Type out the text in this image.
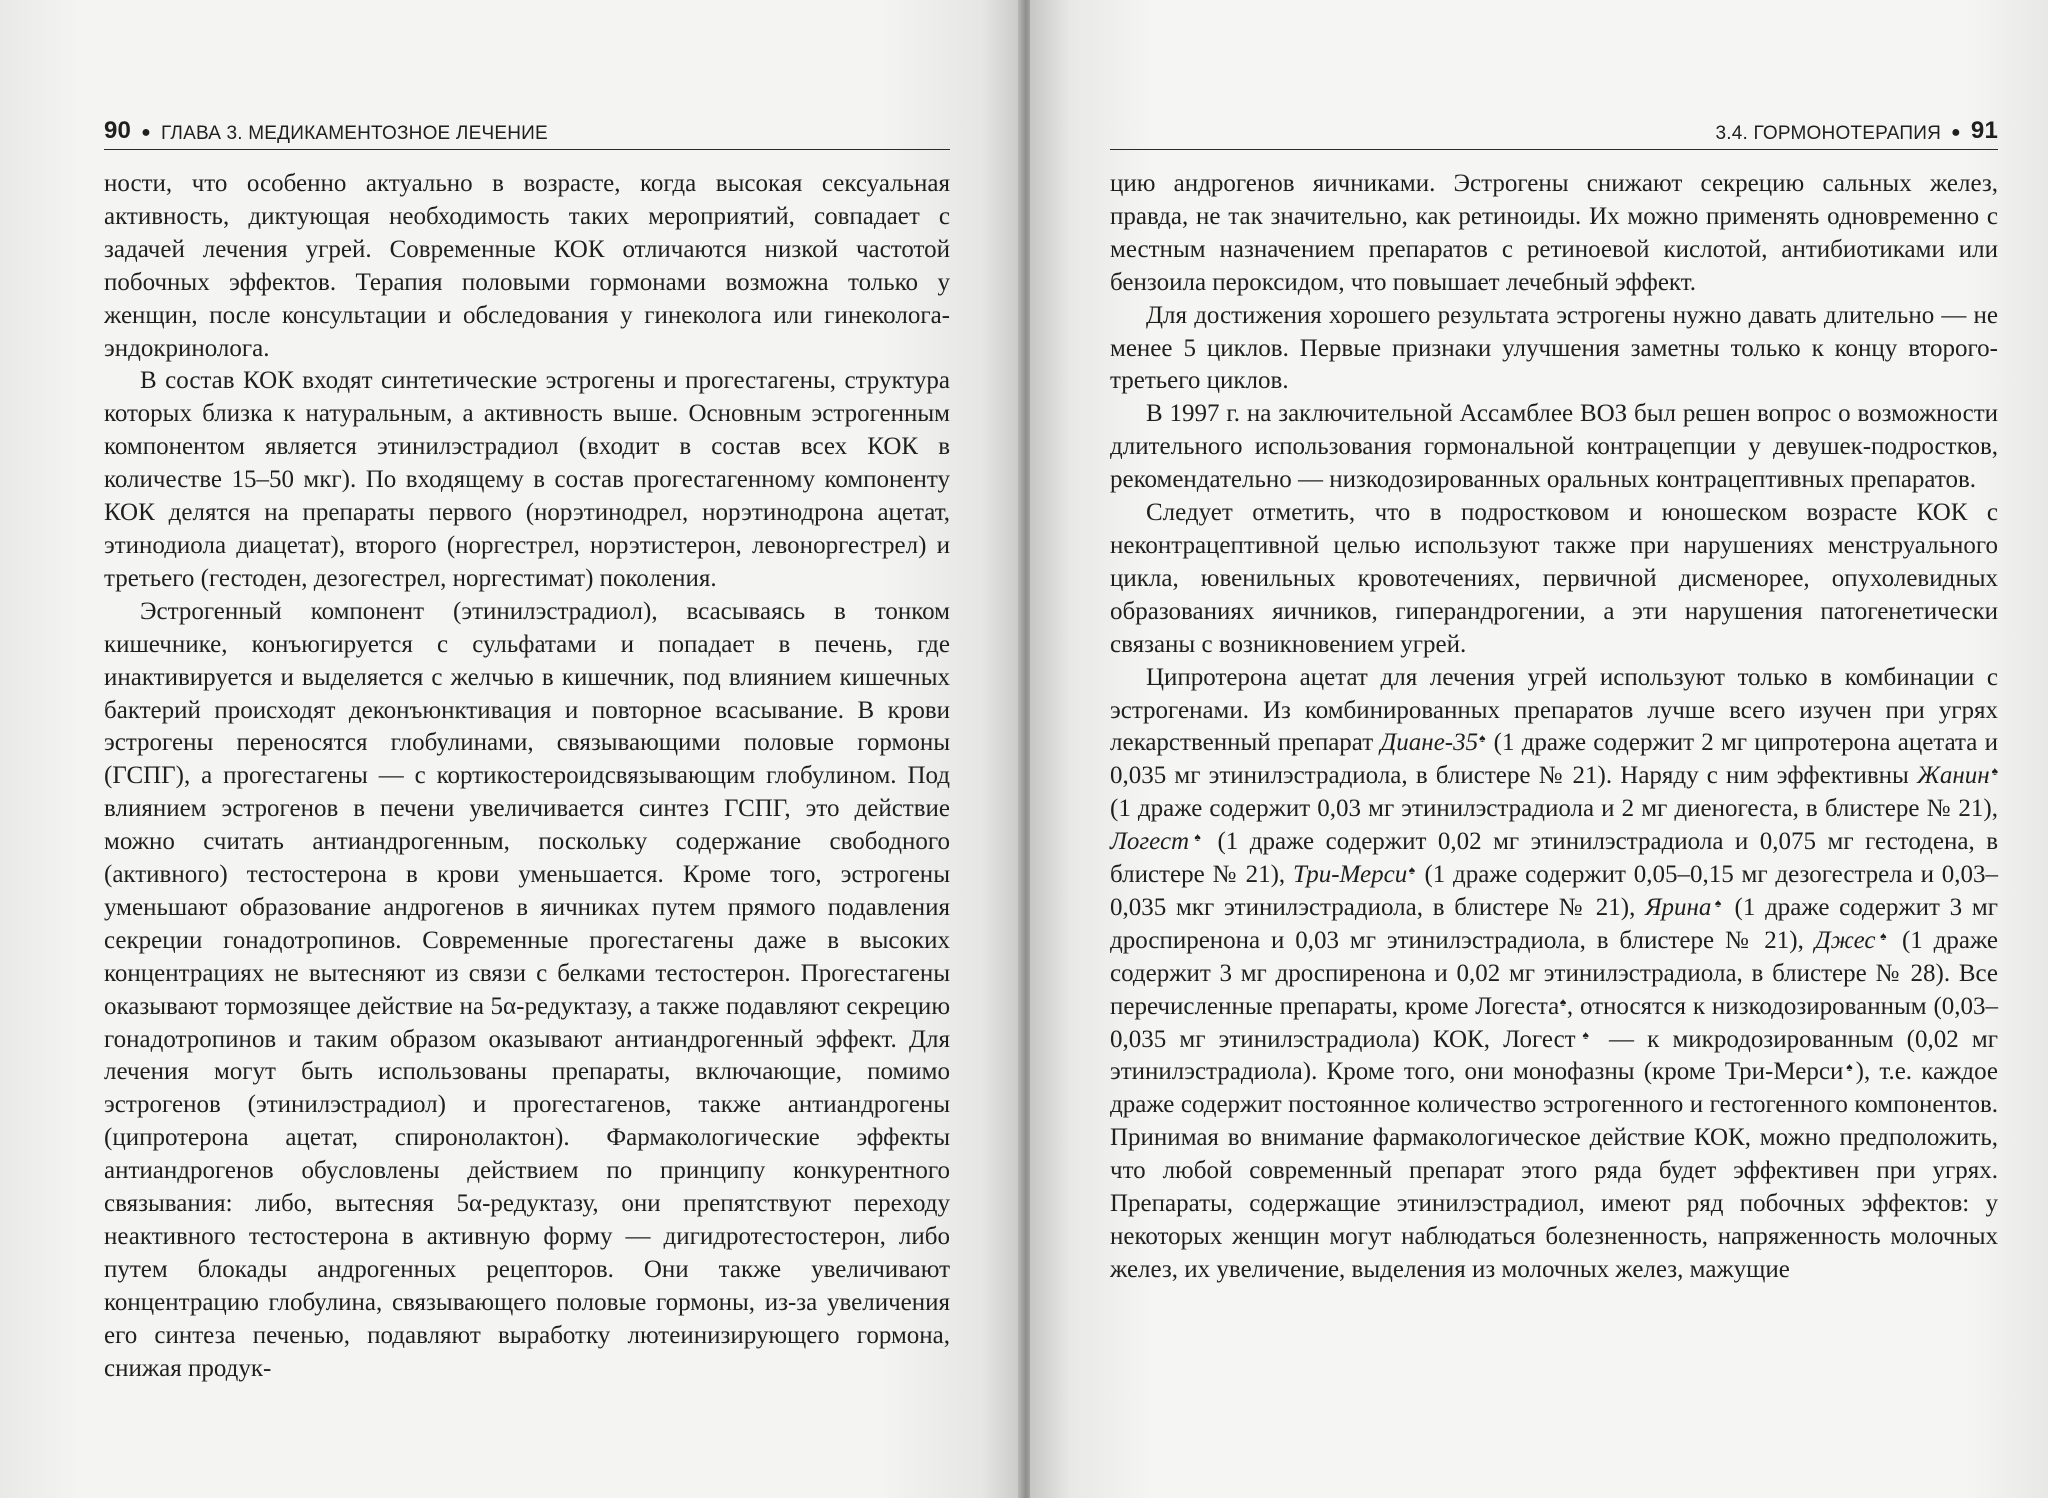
90 ● ГЛАВА 3. МЕДИКАМЕНТОЗНОЕ ЛЕЧЕНИЕ

ности, что особенно актуально в возрасте, когда высокая сексуальная активность, диктующая необходимость таких мероприятий, совпадает с задачей лечения угрей. Современные КОК отличаются низкой частотой побочных эффектов. Терапия половыми гормонами возможна только у женщин, после консультации и обследования у гинеколога или гинеколога-эндокринолога.

В состав КОК входят синтетические эстрогены и прогестагены, структура которых близка к натуральным, а активность выше. Основным эстрогенным компонентом является этинилэстрадиол (входит в состав всех КОК в количестве 15–50 мкг). По входящему в состав прогестагенному компоненту КОК делятся на препараты первого (норэтинодрел, норэтинодрона ацетат, этинодиола диацетат), второго (норгестрел, норэтистерон, левоноргестрел) и третьего (гестоден, дезогестрел, норгестимат) поколения.

Эстрогенный компонент (этинилэстрадиол), всасываясь в тонком кишечнике, конъюгируется с сульфатами и попадает в печень, где инактивируется и выделяется с желчью в кишечник, под влиянием кишечных бактерий происходят деконъюнктивация и повторное всасывание. В крови эстрогены переносятся глобулинами, связывающими половые гормоны (ГСПГ), а прогестагены — с кортикостероидсвязывающим глобулином. Под влиянием эстрогенов в печени увеличивается синтез ГСПГ, это действие можно считать антиандрогенным, поскольку содержание свободного (активного) тестостерона в крови уменьшается. Кроме того, эстрогены уменьшают образование андрогенов в яичниках путем прямого подавления секреции гонадотропинов. Современные прогестагены даже в высоких концентрациях не вытесняют из связи с белками тестостерон. Прогестагены оказывают тормозящее действие на 5α-редуктазу, а также подавляют секрецию гонадотропинов и таким образом оказывают антиандрогенный эффект. Для лечения могут быть использованы препараты, включающие, помимо эстрогенов (этинилэстрадиол) и прогестагенов, также антиандрогены (ципротерона ацетат, спиронолактон). Фармакологические эффекты антиандрогенов обусловлены действием по принципу конкурентного связывания: либо, вытесняя 5α-редуктазу, они препятствуют переходу неактивного тестостерона в активную форму — дигидротестостерон, либо путем блокады андрогенных рецепторов. Они также увеличивают концентрацию глобулина, связывающего половые гормоны, из-за увеличения его синтеза печенью, подавляют выработку лютеинизирующего гормона, снижая продук-

3.4. ГОРМОНОТЕРАПИЯ ● 91

цию андрогенов яичниками. Эстрогены снижают секрецию сальных желез, правда, не так значительно, как ретиноиды. Их можно применять одновременно с местным назначением препаратов с ретиноевой кислотой, антибиотиками или бензоила пероксидом, что повышает лечебный эффект.

Для достижения хорошего результата эстрогены нужно давать длительно — не менее 5 циклов. Первые признаки улучшения заметны только к концу второго-третьего циклов.

В 1997 г. на заключительной Ассамблее ВОЗ был решен вопрос о возможности длительного использования гормональной контрацепции у девушек-подростков, рекомендательно — низкодозированных оральных контрацептивных препаратов.

Следует отметить, что в подростковом и юношеском возрасте КОК с неконтрацептивной целью используют также при нарушениях менструального цикла, ювенильных кровотечениях, первичной дисменорее, опухолевидных образованиях яичников, гиперандрогении, а эти нарушения патогенетически связаны с возникновением угрей.

Ципротерона ацетат для лечения угрей используют только в комбинации с эстрогенами. Из комбинированных препаратов лучше всего изучен при угрях лекарственный препарат Диане-35♠ (1 драже содержит 2 мг ципротерона ацетата и 0,035 мг этинилэстрадиола, в блистере № 21). Наряду с ним эффективны Жанин♠ (1 драже содержит 0,03 мг этинилэстрадиола и 2 мг диеногеста, в блистере № 21), Логест♠ (1 драже содержит 0,02 мг этинилэстрадиола и 0,075 мг гестодена, в блистере № 21), Три-Мерси♠ (1 драже содержит 0,05–0,15 мг дезогестрела и 0,03–0,035 мкг этинилэстрадиола, в блистере № 21), Ярина♠ (1 драже содержит 3 мг дроспиренона и 0,03 мг этинилэстрадиола, в блистере № 21), Джес♠ (1 драже содержит 3 мг дроспиренона и 0,02 мг этинилэстрадиола, в блистере № 28). Все перечисленные препараты, кроме Логеста♠, относятся к низкодозированным (0,03–0,035 мг этинилэстрадиола) КОК, Логест♠ — к микродозированным (0,02 мг этинилэстрадиола). Кроме того, они монофазны (кроме Три-Мерси♠), т.е. каждое драже содержит постоянное количество эстрогенного и гестогенного компонентов. Принимая во внимание фармакологическое действие КОК, можно предположить, что любой современный препарат этого ряда будет эффективен при угрях. Препараты, содержащие этинилэстрадиол, имеют ряд побочных эффектов: у некоторых женщин могут наблюдаться болезненность, напряженность молочных желез, их увеличение, выделения из молочных желез, мажущие
